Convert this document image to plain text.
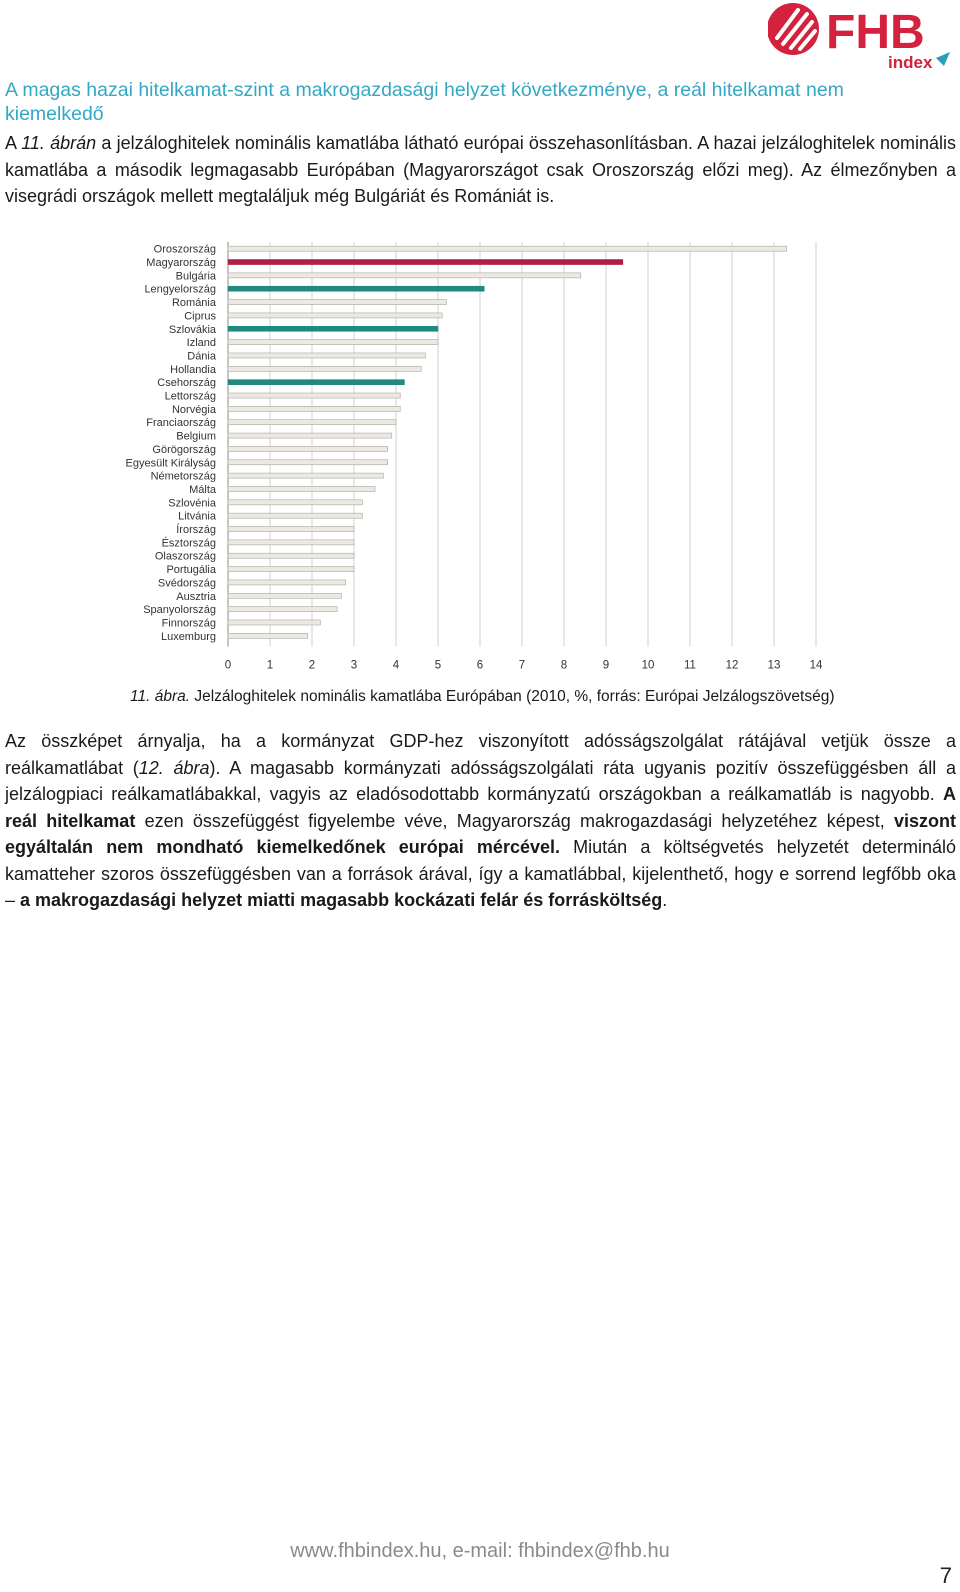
FHB
index
A magas hazai hitelkamat-szint a makrogazdasági helyzet következménye, a reál hitelkamat nem kiemelkedő

A 11. ábrán a jelzáloghitelek nominális kamatlába látható európai összehasonlításban. A hazai jelzáloghitelek nominális kamatlába a második legmagasabb Európában (Magyarországot csak Oroszország előzi meg). Az élmezőnyben a visegrádi országok mellett megtaláljuk még Bulgáriát és Romániát is.

0	1	2	3	4	5	6	7	8	9	10	11	12	13	14
Oroszország
Magyarország
Bulgária
Lengyelország
Románia
Ciprus
Szlovákia
Izland
Dánia
Hollandia
Csehország
Lettország
Norvégia
Franciaország
Belgium
Görögország
Egyesült Királyság
Németország
Málta
Szlovénia
Litvánia
Írország
Észtország
Olaszország
Portugália
Svédország
Ausztria
Spanyolország
Finnország
Luxemburg
11. ábra. Jelzáloghitelek nominális kamatlába Európában (2010, %, forrás: Európai Jelzálogszövetség)

Az összképet árnyalja, ha a kormányzat GDP-hez viszonyított adósságszolgálat rátájával vetjük össze a reálkamatlábat (12. ábra). A magasabb kormányzati adósságszolgálati ráta ugyanis pozitív összefüggésben áll a jelzálogpiaci reálkamatlábakkal, vagyis az eladósodottabb kormányzatú országokban a reálkamatláb is nagyobb. A reál hitelkamat ezen összefüggést figyelembe véve, Magyarország makrogazdasági helyzetéhez képest, viszont egyáltalán nem mondható kiemelkedőnek európai mércével. Miután a költségvetés helyzetét determináló kamatteher szoros összefüggésben van a források árával, így a kamatlábbal, kijelenthető, hogy e sorrend legfőbb oka – a makrogazdasági helyzet miatti magasabb kockázati felár és forrásköltség.

www.fhbindex.hu, e-mail: fhbindex@fhb.hu
7
